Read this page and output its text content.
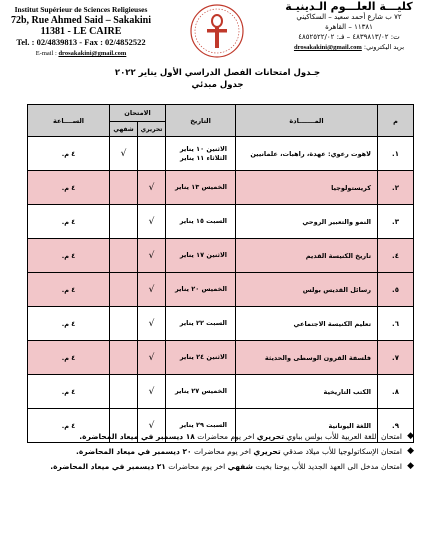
Institut Supérieur de Sciences Religieuses
72b, Rue Ahmed Said – Sakakini
11381 - LE CAIRE
Tel. : 02/4839813 - Fax : 02/4852522
E-mail : drosakakini@gmail.com
كليـــة العلـــوم الـدينيـة
٧٢ ب شارع أحمد سعيد – السكاكيني
١١٣٨١ – القاهرة
ت: ٤٨٣٩٨١٣/٠٢ – فـ: ٤٨٥٢٥٢٢/٠٢
بريد اليكتروني: drosakakini@gmail.com
جـدول امتحانات الفصل الدراسي الأول يناير ٢٠٢٢
جدول مبدئي
م	المـــــــادة	التاريخ	الامتحان		الســــاعة
			تحريري	شفهي	
١.	لاهوت رعوي: عهدة، راهبات، علمانيين	الاثنين ١٠ يناير
الثلاثاء ١١ يناير		√	٤ م.
٢.	كريستولوجيا	الخميس ١٣ يناير	√		٤ م.
٣.	النمو والتعبير الروحي	السبت ١٥ يناير	√		٤ م.
٤.	تاريخ الكنيسة القديم	الاثنين ١٧ يناير	√		٤ م.
٥.	رسائل القديس بولس	الخميس ٢٠ يناير	√		٤ م.
٦.	تعليم الكنيسة الاجتماعي	السبت ٢٢ يناير	√		٤ م.
٧.	فلسفة القرون الوسطى والحديثة	الاثنين ٢٤ يناير	√		٤ م.
٨.	الكتب التاريخية	الخميس ٢٧ يناير	√		٤ م.
٩.	اللغة اليونانية	السبت ٢٩ يناير	√		٤ م.
◆
امتحان اللغة العربية للأب بولس بباوي تحريري اخر يوم محاضرات ١٨ ديسمبر في ميعاد المحاضرة.
◆
امتحان الإسكاتولوجيا للأب ميلاد صدقي تحريري اخر يوم محاضرات ٢٠ ديسمبر في ميعاد المحاضرة.
◆
امتحان مدخل الى العهد الجديد للأب يوحنا بخيت شفهي اخر يوم محاضرات ٢١ ديسمبر في ميعاد المحاضرة.
